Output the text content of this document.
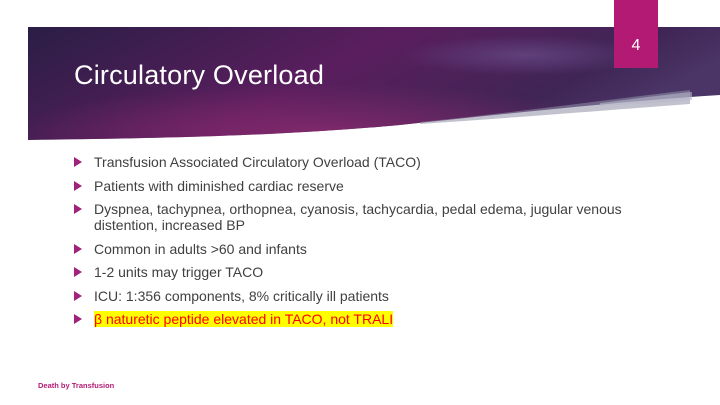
Circulatory Overload
4
Transfusion Associated Circulatory Overload (TACO)
Patients with diminished cardiac reserve
Dyspnea, tachypnea, orthopnea, cyanosis, tachycardia, pedal edema, jugular venous distention, increased BP
Common in adults >60 and infants
1-2 units may trigger TACO
ICU: 1:356 components, 8% critically ill patients
β naturetic peptide elevated in TACO, not TRALI
Death by Transfusion
